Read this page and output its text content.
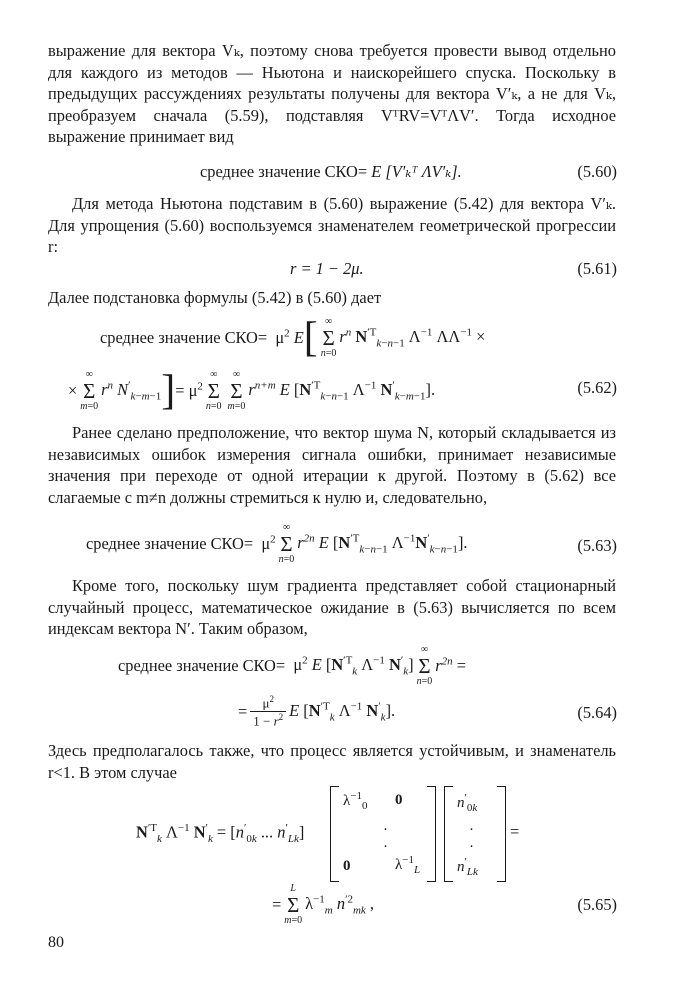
выражение для вектора Vₖ, поэтому снова требуется провести вывод отдельно для каждого из методов — Ньютона и наискорейшего спуска. Поскольку в предыдущих рассуждениях результаты получены для вектора V′ₖ, а не для Vₖ, преобразуем сначала (5.59), подставляя VᵀRV=VᵀΛV′. Тогда исходное выражение принимает вид

среднее значение СКО= E [V′ₖᵀ ΛV′ₖ].	(5.60)

Для метода Ньютона подставим в (5.60) выражение (5.42) для вектора V′ₖ. Для упрощения (5.60) воспользуемся знаменателем геометрической прогрессии r:

r = 1 − 2μ.	(5.61)

Далее подстановка формулы (5.42) в (5.60) дает

среднее значение $СКО= \mu^2$ E[ ∞
Σ
n=0
$r^n$ $N^{'T}_{k-n-1}$ $\Lambda^{-1}$ $\Lambda\Lambda^{-1}$ ×
×
∞
Σ
m=0
$r^n$ $N'_{k-m-1}]= \mu^2$
∞
Σ
n=0
∞
Σ
m=0
$r^{n+m}$ E [$N^{'T}_{k-n-1}$ $\Lambda^{-1}$ $N'_{k-m-1}$].	(5.62)

Ранее сделано предположение, что вектор шума N, который складывается из независимых ошибок измерения сигнала ошибки, принимает независимые значения при переходе от одной итерации к другой. Поэтому в (5.62) все слагаемые с m≠n должны стремиться к нулю и, следовательно,

среднее значение $СКО= \mu^2$
∞
Σ
n=0
$r^{2n}$ E [$N^{'T}_{k-n-1}$ $\Lambda^{-1}N'_{k-n-1}$].	(5.63)

Кроме того, поскольку шум градиента представляет собой стационарный случайный процесс, математическое ожидание в (5.63) вычисляется по всем индексам вектора N′. Таким образом,

среднее значение $СКО= \mu^2$ E [$N^{'T}_k$ $\Lambda^{-1}$ $N'_k$]
∞
Σ
n=0
$r^{2n}$ =
= $\frac{\mu^2}{1 - r^2}$ E [$N^{'T}_k$ $\Lambda^{-1}$ $N'_k$].	(5.64)

Здесь предполагалось также, что процесс является устойчивым, и знаменатель r<1. В этом случае

$N^{'T}_k$ $\Lambda^{-1}$ $N'_k = [n'_{0k}$ ... $n'_{Lk}$]
$\lambda^{-1}_0$ 0
·
·
0	$\lambda^{-1}_L$
$n'_{0k}$
·
·
$n'_{Lk}$
=
=
L
Σ
m=0
$\lambda^{-1}_m$ $n^{'2}_{mk}$ ,	(5.65)
80
